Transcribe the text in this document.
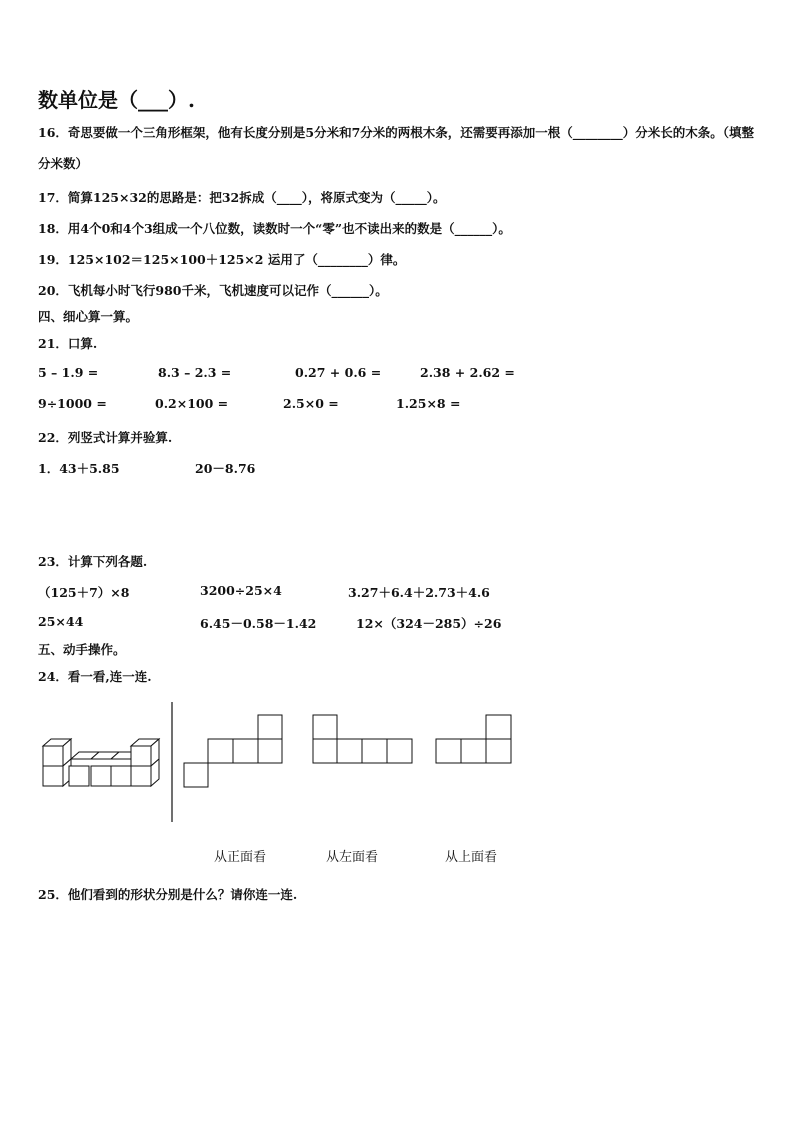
数单位是（___）.
16．奇思要做一个三角形框架，他有长度分别是5分米和7分米的两根木条，还需要再添加一根（________）分米长的木条。（填整分米数）
17．简算125×32的思路是：把32拆成（____），将原式变为（_____）。
18．用4个0和4个3组成一个八位数，读数时一个“零”也不读出来的数是（______）。
19．125×102＝125×100＋125×2 运用了（________）律。
20．飞机每小时飞行980千米，飞机速度可以记作（______）。
四、细心算一算。
21．口算.
5 – 1.9 =	8.3 – 2.3 =	0.27 + 0.6 =	2.38 + 2.62 =
9÷1000 =	0.2×100 =	2.5×0 =	1.25×8 =
22．列竖式计算并验算.
1．43＋5.85	20－8.76
23．计算下列各题.
（125＋7）×8	3200÷25×4	3.27＋6.4＋2.73＋4.6
25×44	6.45－0.58－1.42	12×（324－285）÷26
五、动手操作。
24．看一看,连一连.
从正面看	从左面看	从上面看
25．他们看到的形状分别是什么？请你连一连.
